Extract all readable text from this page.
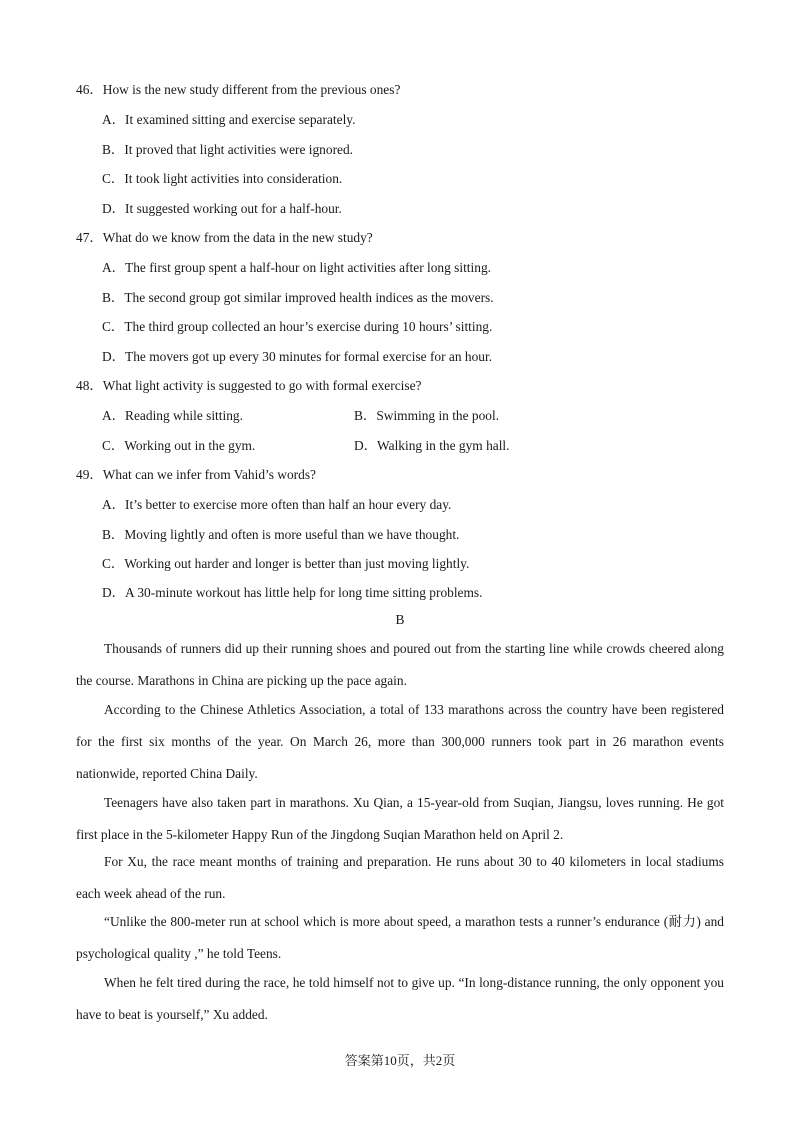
46．How is the new study different from the previous ones?
A．It examined sitting and exercise separately.
B．It proved that light activities were ignored.
C．It took light activities into consideration.
D．It suggested working out for a half-hour.
47．What do we know from the data in the new study?
A．The first group spent a half-hour on light activities after long sitting.
B．The second group got similar improved health indices as the movers.
C．The third group collected an hour’s exercise during 10 hours’ sitting.
D．The movers got up every 30 minutes for formal exercise for an hour.
48．What light activity is suggested to go with formal exercise?
A．Reading while sitting.	B．Swimming in the pool.
C．Working out in the gym.	D．Walking in the gym hall.
49．What can we infer from Vahid’s words?
A．It’s better to exercise more often than half an hour every day.
B．Moving lightly and often is more useful than we have thought.
C．Working out harder and longer is better than just moving lightly.
D．A 30-minute workout has little help for long time sitting problems.
B
Thousands of runners did up their running shoes and poured out from the starting line while crowds cheered along the course. Marathons in China are picking up the pace again.
According to the Chinese Athletics Association, a total of 133 marathons across the country have been registered for the first six months of the year. On March 26, more than 300,000 runners took part in 26 marathon events nationwide, reported China Daily.
Teenagers have also taken part in marathons. Xu Qian, a 15-year-old from Suqian, Jiangsu, loves running. He got first place in the 5-kilometer Happy Run of the Jingdong Suqian Marathon held on April 2.
For Xu, the race meant months of training and preparation. He runs about 30 to 40 kilometers in local stadiums each week ahead of the run.
“Unlike the 800-meter run at school which is more about speed, a marathon tests a runner’s endurance (耐力) and psychological quality ,” he told Teens.
When he felt tired during the race, he told himself not to give up. “In long-distance running, the only opponent you have to beat is yourself,” Xu added.
答案第10页，共2页
